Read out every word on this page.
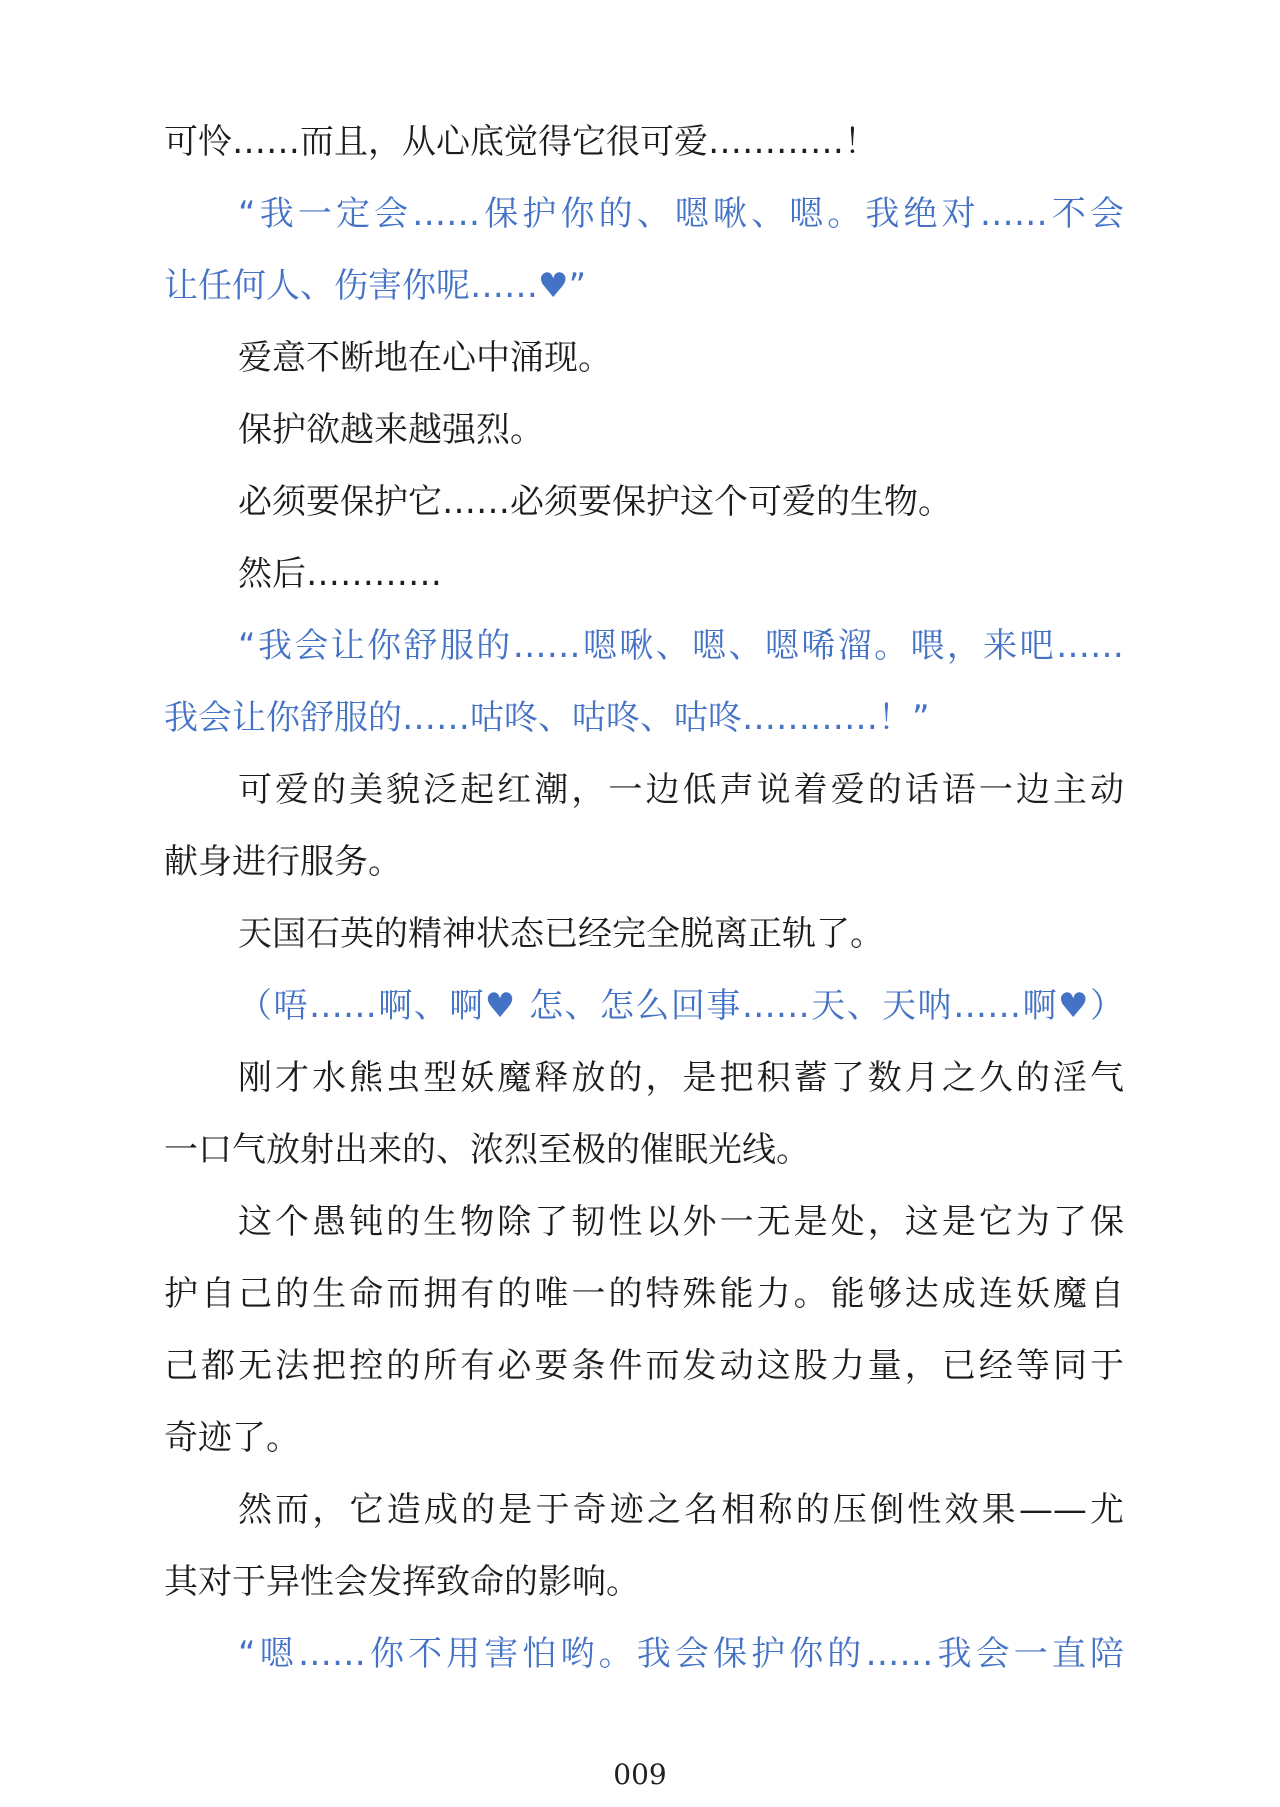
可怜……而且，从心底觉得它很可爱…………！
“我一定会……保护你的、嗯啾、嗯。我绝对……不会
让任何人、伤害你呢……♥”
爱意不断地在心中涌现。
保护欲越来越强烈。
必须要保护它……必须要保护这个可爱的生物。
然后…………
“我会让你舒服的……嗯啾、嗯、嗯唏溜。喂，来吧……
我会让你舒服的……咕咚、咕咚、咕咚…………！”
可爱的美貌泛起红潮，一边低声说着爱的话语一边主动
献身进行服务。
天国石英的精神状态已经完全脱离正轨了。
（唔……啊、啊♥ 怎、怎么回事……天、天呐……啊♥）
刚才水熊虫型妖魔释放的，是把积蓄了数月之久的淫气
一口气放射出来的、浓烈至极的催眠光线。
这个愚钝的生物除了韧性以外一无是处，这是它为了保
护自己的生命而拥有的唯一的特殊能力。能够达成连妖魔自
己都无法把控的所有必要条件而发动这股力量，已经等同于
奇迹了。
然而，它造成的是于奇迹之名相称的压倒性效果——尤
其对于异性会发挥致命的影响。
“嗯……你不用害怕哟。我会保护你的……我会一直陪
009
